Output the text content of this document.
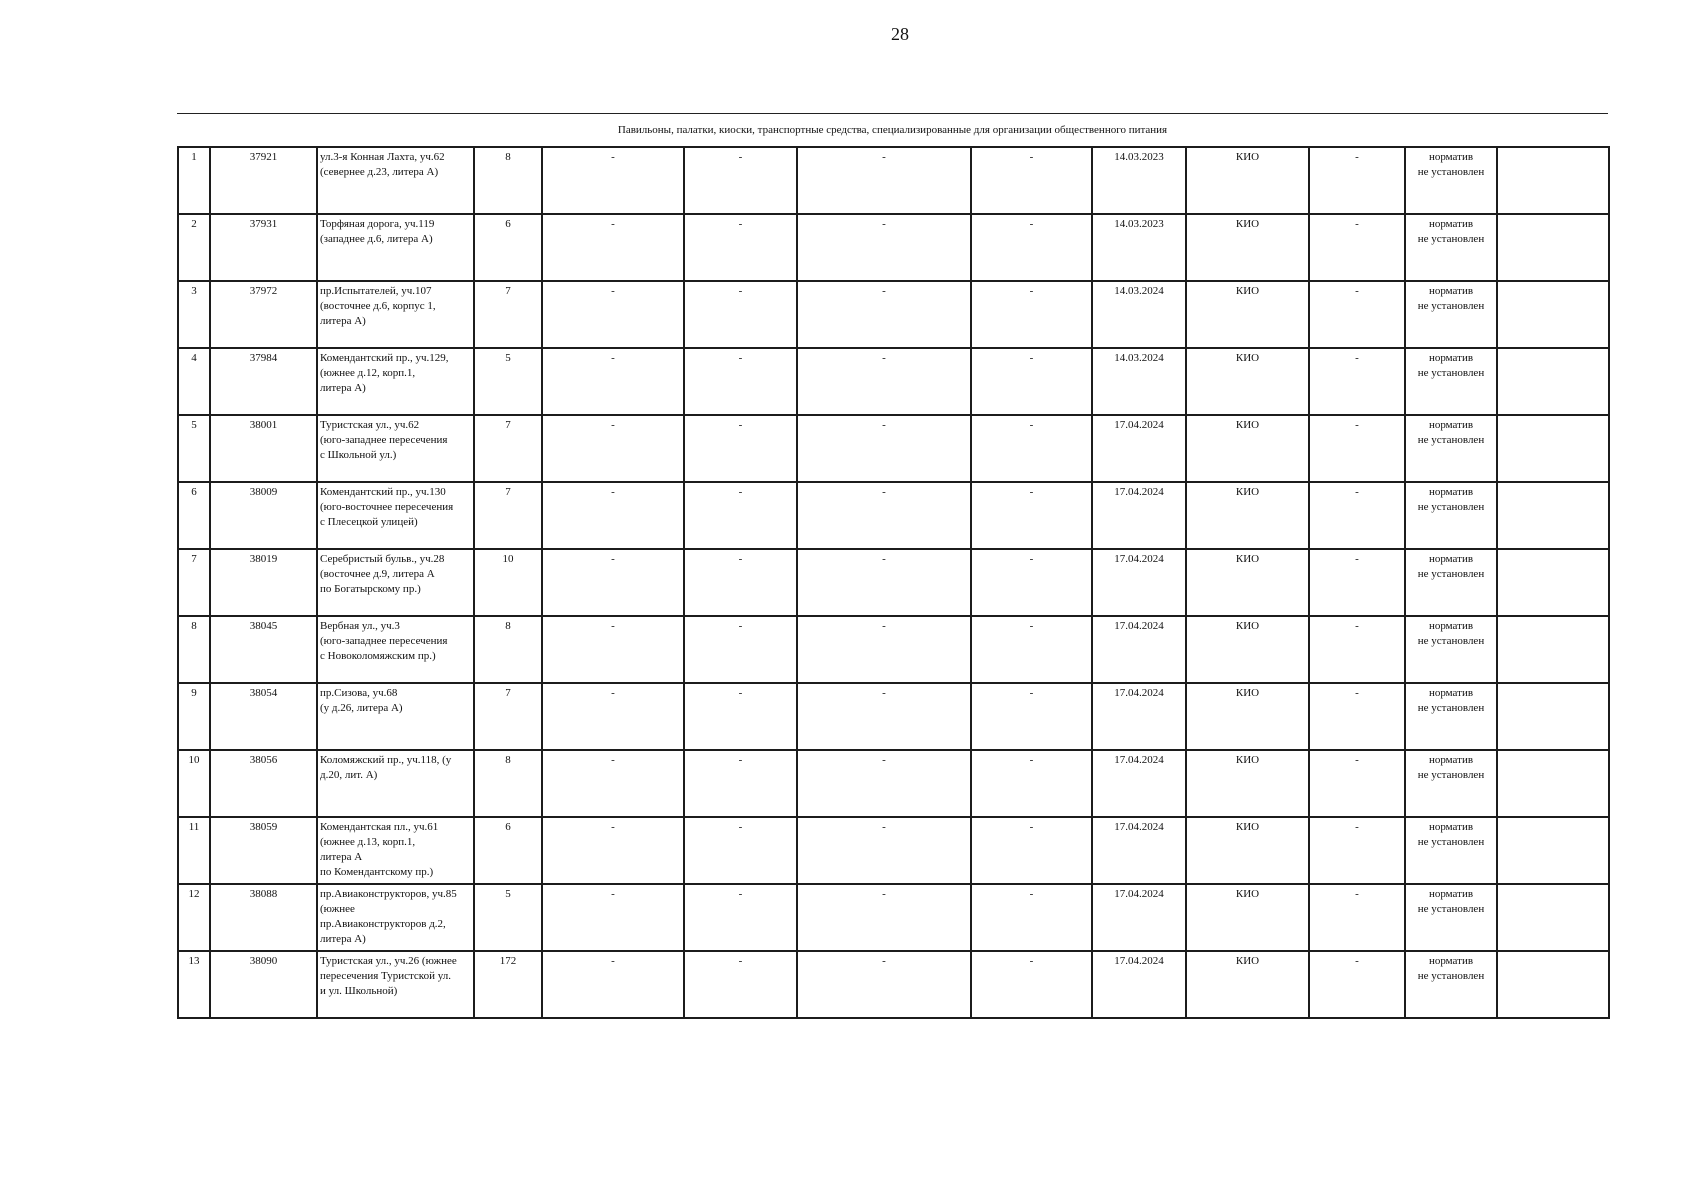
28
Павильоны, палатки, киоски, транспортные средства, специализированные для организации общественного питания
1	37921	ул.3-я Конная Лахта, уч.62
(севернее д.23, литера А)	8	-	-	-	-	14.03.2023	КИО	-	норматив
не установлен	
2	37931	Торфяная дорога, уч.119
(западнее д.6, литера А)	6	-	-	-	-	14.03.2023	КИО	-	норматив
не установлен	
3	37972	пр.Испытателей, уч.107
(восточнее д.6, корпус 1,
литера А)	7	-	-	-	-	14.03.2024	КИО	-	норматив
не установлен	
4	37984	Комендантский пр., уч.129,
(южнее д.12, корп.1,
литера А)	5	-	-	-	-	14.03.2024	КИО	-	норматив
не установлен	
5	38001	Туристская ул., уч.62
(юго-западнее пересечения
с Школьной ул.)	7	-	-	-	-	17.04.2024	КИО	-	норматив
не установлен	
6	38009	Комендантский пр., уч.130
(юго-восточнее пересечения
с Плесецкой улицей)	7	-	-	-	-	17.04.2024	КИО	-	норматив
не установлен	
7	38019	Серебристый бульв., уч.28
(восточнее д.9, литера А
по Богатырскому пр.)	10	-	-	-	-	17.04.2024	КИО	-	норматив
не установлен	
8	38045	Вербная ул., уч.3
(юго-западнее пересечения
с Новоколомяжским пр.)	8	-	-	-	-	17.04.2024	КИО	-	норматив
не установлен	
9	38054	пр.Сизова, уч.68
(у д.26, литера А)	7	-	-	-	-	17.04.2024	КИО	-	норматив
не установлен	
10	38056	Коломяжский пр., уч.118, (у
д.20, лит. А)	8	-	-	-	-	17.04.2024	КИО	-	норматив
не установлен	
11	38059	Комендантская пл., уч.61
(южнее д.13, корп.1,
литера А
по Комендантскому пр.)	6	-	-	-	-	17.04.2024	КИО	-	норматив
не установлен	
12	38088	пр.Авиаконструкторов, уч.85
(южнее
пр.Авиаконструкторов д.2,
литера А)	5	-	-	-	-	17.04.2024	КИО	-	норматив
не установлен	
13	38090	Туристская ул., уч.26 (южнее
пересечения Туристской ул.
и ул. Школьной)	172	-	-	-	-	17.04.2024	КИО	-	норматив
не установлен	
